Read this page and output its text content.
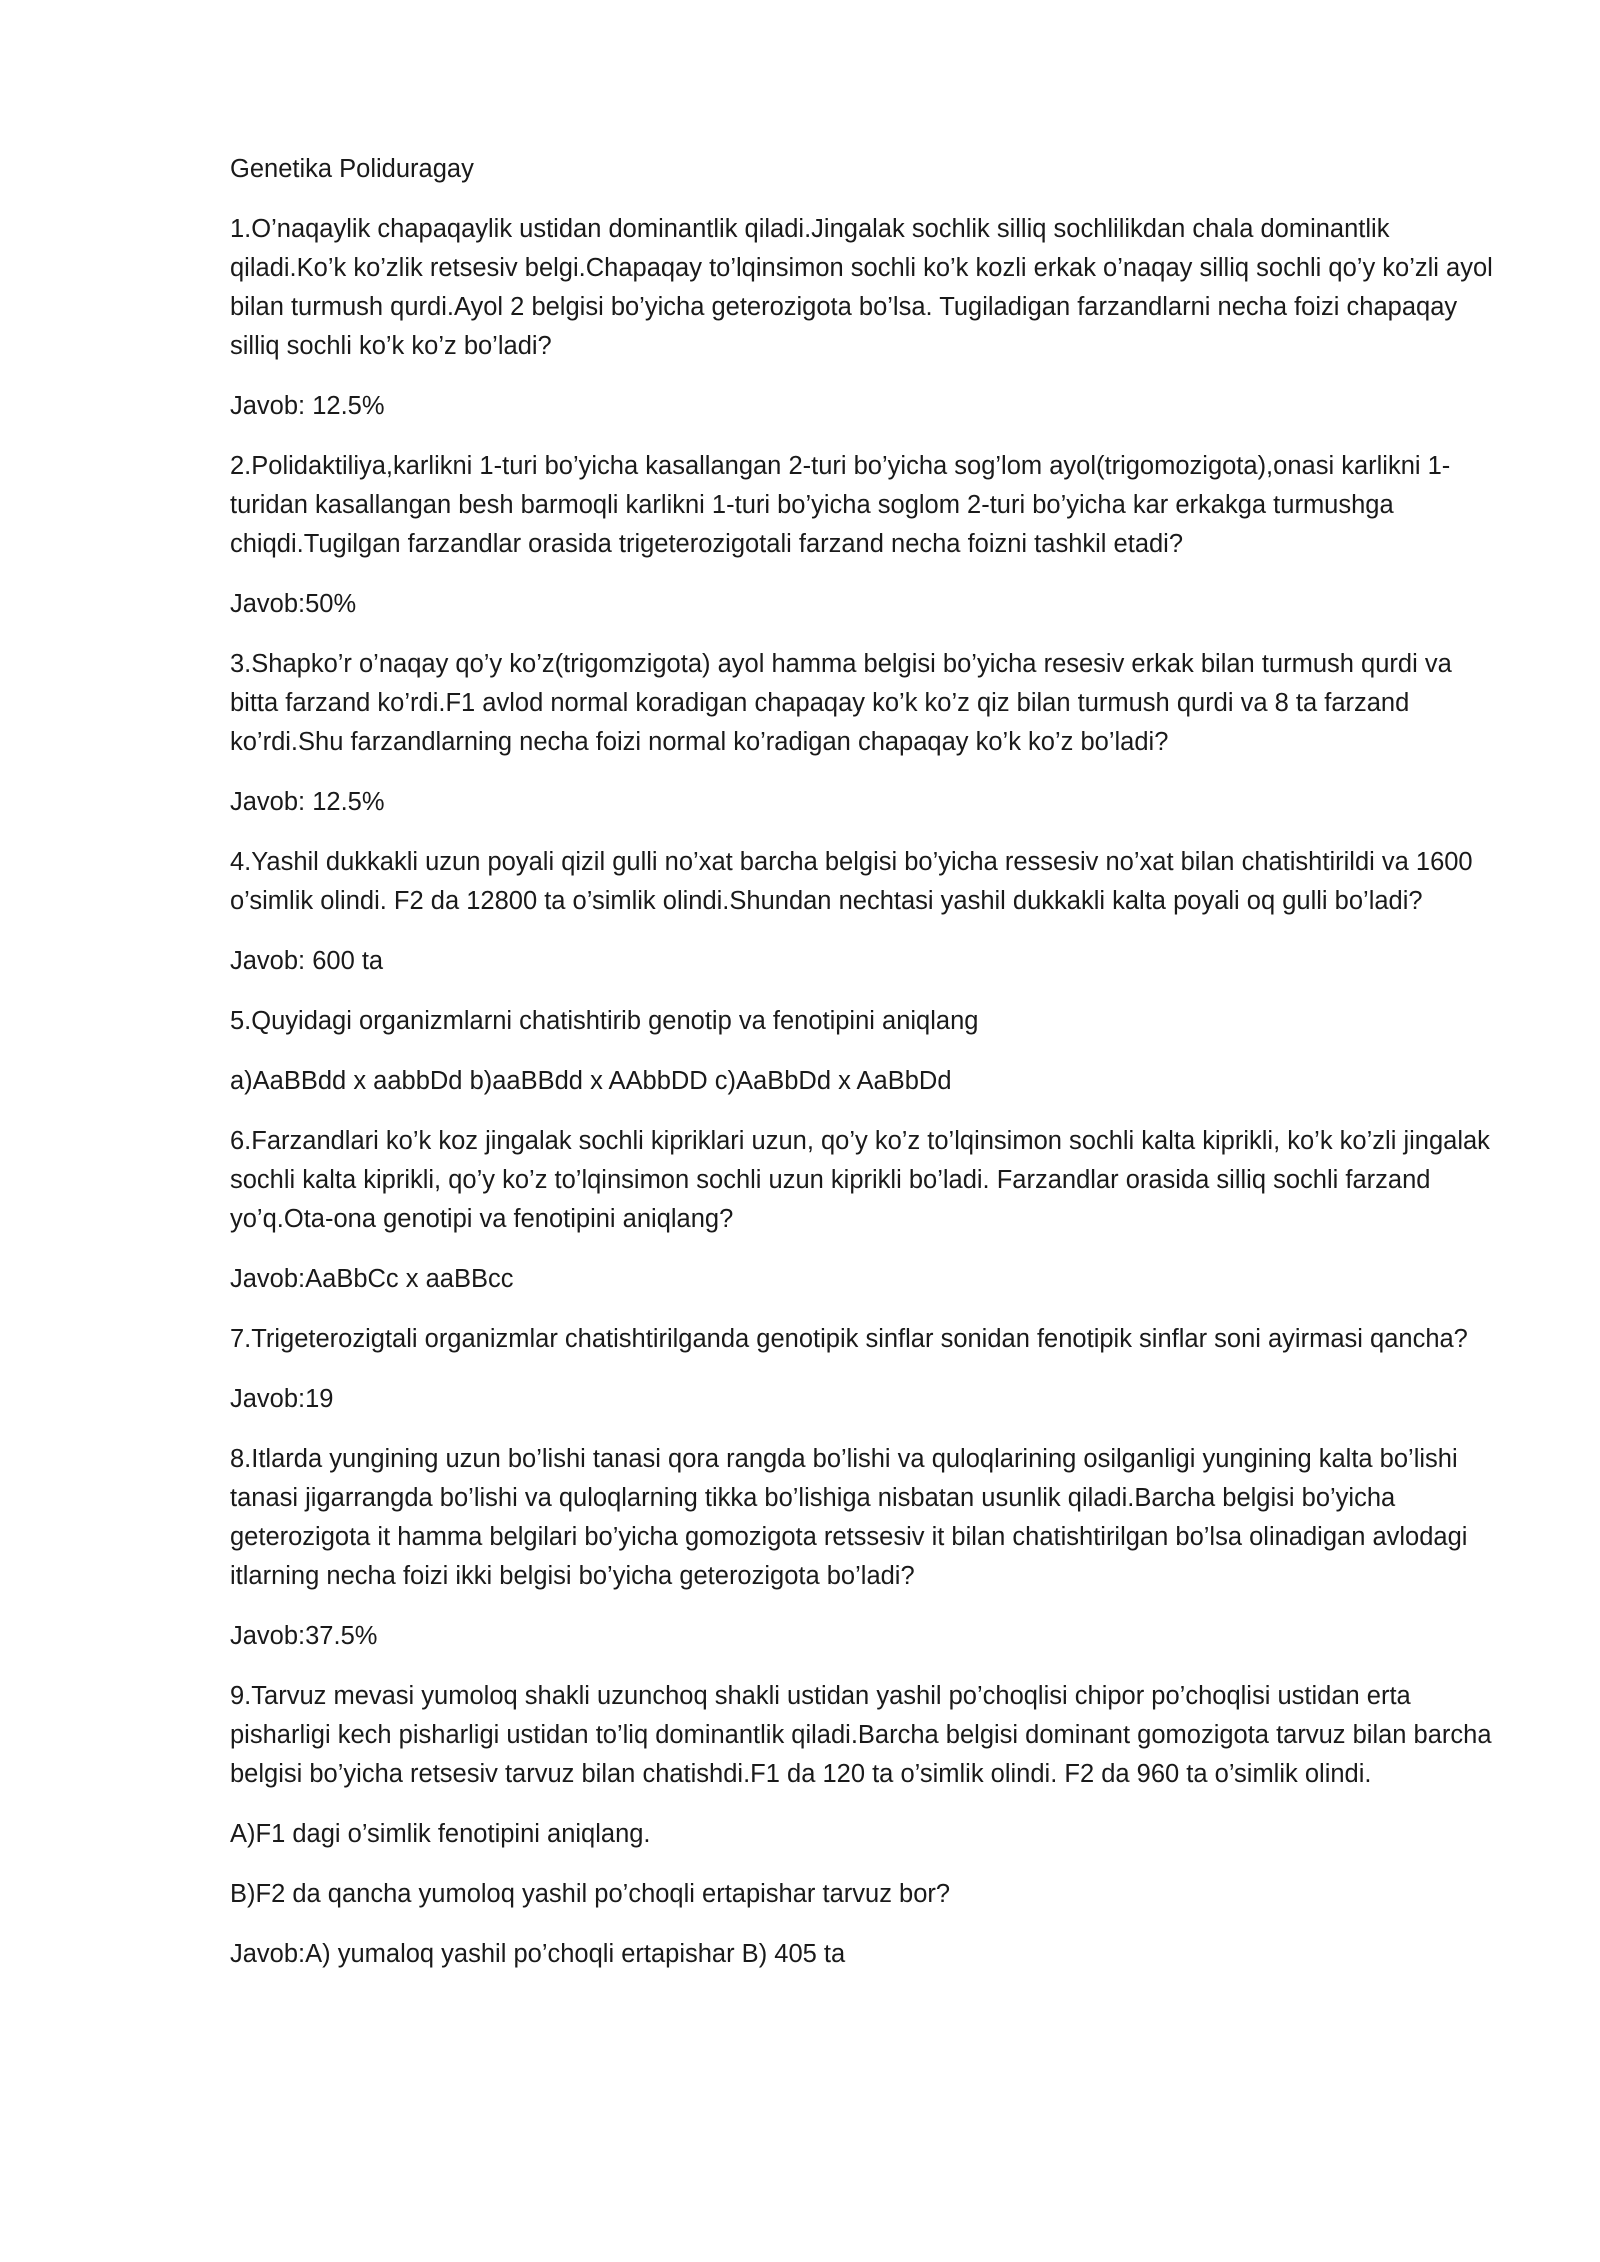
Genetika Poliduragay

1.O’naqaylik chapaqaylik ustidan dominantlik qiladi.Jingalak sochlik silliq sochlilikdan chala dominantlik qiladi.Ko’k ko’zlik retsesiv belgi.Chapaqay to’lqinsimon sochli ko’k kozli erkak o’naqay silliq sochli qo’y ko’zli ayol bilan turmush qurdi.Ayol 2 belgisi bo’yicha geterozigota bo’lsa. Tugiladigan farzandlarni necha foizi chapaqay silliq sochli ko’k ko’z bo’ladi?

Javob: 12.5%

2.Polidaktiliya,karlikni 1-turi bo’yicha kasallangan 2-turi bo’yicha sog’lom ayol(trigomozigota),onasi karlikni 1-turidan kasallangan besh barmoqli karlikni 1-turi bo’yicha soglom 2-turi bo’yicha kar erkakga turmushga chiqdi.Tugilgan farzandlar orasida trigeterozigotali farzand necha foizni tashkil etadi?

Javob:50%

3.Shapko’r o’naqay qo’y ko’z(trigomzigota) ayol hamma belgisi bo’yicha resesiv erkak bilan turmush qurdi va bitta farzand ko’rdi.F1 avlod normal koradigan chapaqay ko’k ko’z qiz bilan turmush qurdi va 8 ta farzand ko’rdi.Shu farzandlarning necha foizi normal ko’radigan chapaqay ko’k ko’z bo’ladi?

Javob: 12.5%

4.Yashil dukkakli uzun poyali qizil gulli no’xat barcha belgisi bo’yicha ressesiv no’xat bilan chatishtirildi va 1600 o’simlik olindi. F2 da 12800 ta o’simlik olindi.Shundan nechtasi yashil dukkakli kalta poyali oq gulli bo’ladi?

Javob: 600 ta

5.Quyidagi organizmlarni chatishtirib genotip va fenotipini aniqlang

a)AaBBdd x aabbDd b)aaBBdd x AAbbDD c)AaBbDd x AaBbDd

6.Farzandlari ko’k koz jingalak sochli kipriklari uzun, qo’y ko’z to’lqinsimon sochli kalta kiprikli, ko’k ko’zli jingalak sochli kalta kiprikli, qo’y ko’z to’lqinsimon sochli uzun kiprikli bo’ladi. Farzandlar orasida silliq sochli farzand yo’q.Ota-ona genotipi va fenotipini aniqlang?

Javob:AaBbCc x aaBBcc

7.Trigeterozigtali organizmlar chatishtirilganda genotipik sinflar sonidan fenotipik sinflar soni ayirmasi qancha?

Javob:19

8.Itlarda yungining uzun bo’lishi tanasi qora rangda bo’lishi va quloqlarining osilganligi yungining kalta bo’lishi tanasi jigarrangda bo’lishi va quloqlarning tikka bo’lishiga nisbatan usunlik qiladi.Barcha belgisi bo’yicha geterozigota it hamma belgilari bo’yicha gomozigota retssesiv it bilan chatishtirilgan bo’lsa olinadigan avlodagi itlarning necha foizi ikki belgisi bo’yicha geterozigota bo’ladi?

Javob:37.5%

9.Tarvuz mevasi yumoloq shakli uzunchoq shakli ustidan yashil po’choqlisi chipor po’choqlisi ustidan erta pisharligi kech pisharligi ustidan to’liq dominantlik qiladi.Barcha belgisi dominant gomozigota tarvuz bilan barcha belgisi bo’yicha retsesiv tarvuz bilan chatishdi.F1 da 120 ta o’simlik olindi. F2 da 960 ta o’simlik olindi.

A)F1 dagi o’simlik fenotipini aniqlang.

B)F2 da qancha yumoloq yashil po’choqli ertapishar tarvuz bor?

Javob:A) yumaloq yashil po’choqli ertapishar B) 405 ta
